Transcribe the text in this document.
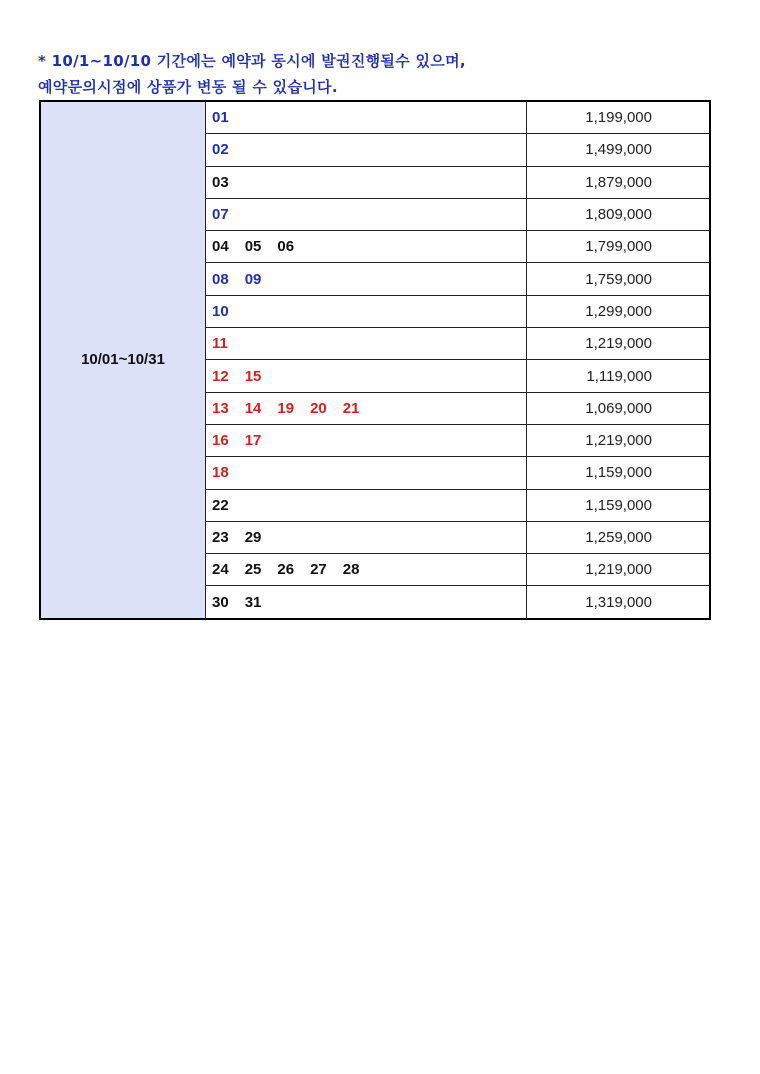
* 10/1~10/10 기간에는 예약과 동시에 발권진행될수 있으며,
예약문의시점에 상품가 변동 될 수 있습니다.
10/01~10/31	01	1,199,000
	02	1,499,000
	03	1,879,000
	07	1,809,000
	04 05 06	1,799,000
	08 09	1,759,000
	10	1,299,000
	11	1,219,000
	12 15	1,119,000
	13 14 19 20 21	1,069,000
	16 17	1,219,000
	18	1,159,000
	22	1,159,000
	23 29	1,259,000
	24 25 26 27 28	1,219,000
	30 31	1,319,000
